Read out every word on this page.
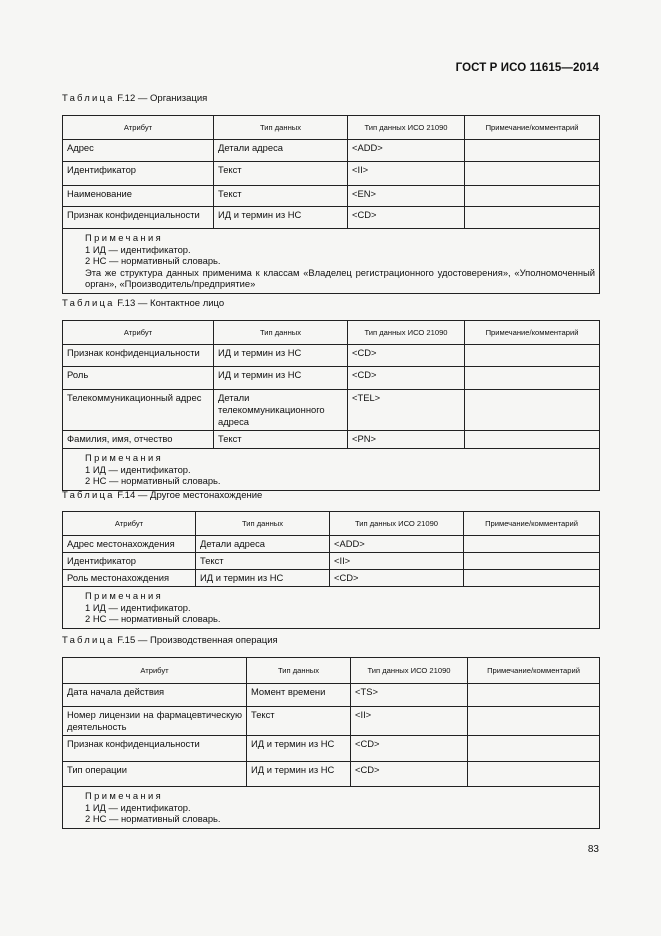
ГОСТ Р ИСО 11615—2014
Таблица F.12 — Организация
Атрибут	Тип данных	Тип данных ИСО 21090	Примечание/комментарий
Адрес	Детали адреса	<ADD>	
Идентификатор	Текст	<II>	
Наименование	Текст	<EN>	
Признак конфиденциальности	ИД и термин из НС	<CD>	

Примечания
1 ИД — идентификатор.
2 НС — нормативный словарь.
Эта же структура данных применима к классам «Владелец регистрационного удостоверения», «Уполномоченный орган», «Производитель/предприятие»			
Таблица F.13 — Контактное лицо
Атрибут	Тип данных	Тип данных ИСО 21090	Примечание/комментарий
Признак конфиденциальности	ИД и термин из НС	<CD>	
Роль	ИД и термин из НС	<CD>	
Телекоммуникационный адрес	Детали телекоммуникационного адреса	<TEL>	
Фамилия, имя, отчество	Текст	<PN>	

Примечания
1 ИД — идентификатор.
2 НС — нормативный словарь.			
Таблица F.14 — Другое местонахождение
Атрибут	Тип данных	Тип данных ИСО 21090	Примечание/комментарий
Адрес местонахождения	Детали адреса	<ADD>	
Идентификатор	Текст	<II>	
Роль местонахождения	ИД и термин из НС	<CD>	

Примечания
1 ИД — идентификатор.
2 НС — нормативный словарь.			
Таблица F.15 — Производственная операция
Атрибут	Тип данных	Тип данных ИСО 21090	Примечание/комментарий
Дата начала действия	Момент времени	<TS>	
Номер лицензии на фармацевтическую деятельность	Текст	<II>	
Признак конфиденциальности	ИД и термин из НС	<CD>	
Тип операции	ИД и термин из НС	<CD>	

Примечания
1 ИД — идентификатор.
2 НС — нормативный словарь.			
83
